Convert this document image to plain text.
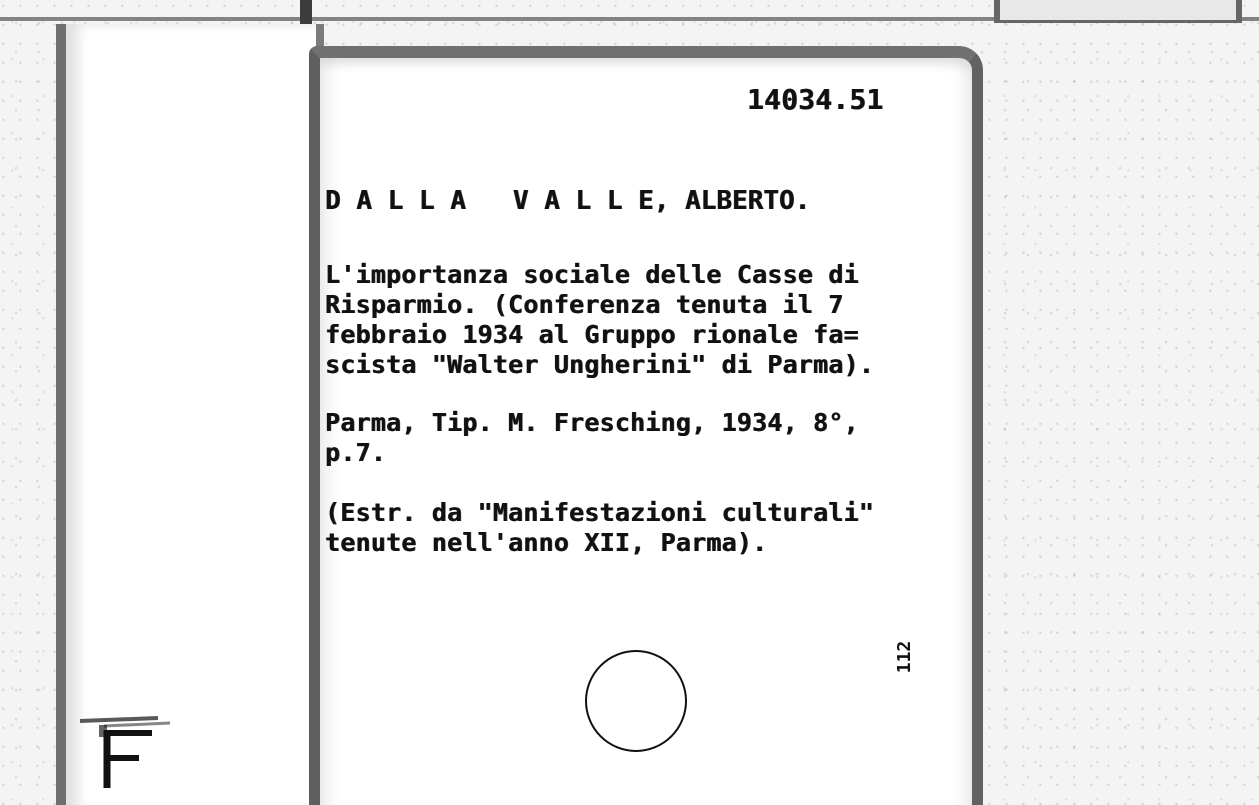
14034.51
D A L L A   V A L L E, ALBERTO.
L'importanza sociale delle Casse di
Risparmio. (Conferenza tenuta il 7
febbraio 1934 al Gruppo rionale fa=
scista "Walter Ungherini" di Parma).
Parma, Tip. M. Fresching, 1934, 8°,
p.7.
(Estr. da "Manifestazioni culturali"
tenute nell'anno XII, Parma).
112
